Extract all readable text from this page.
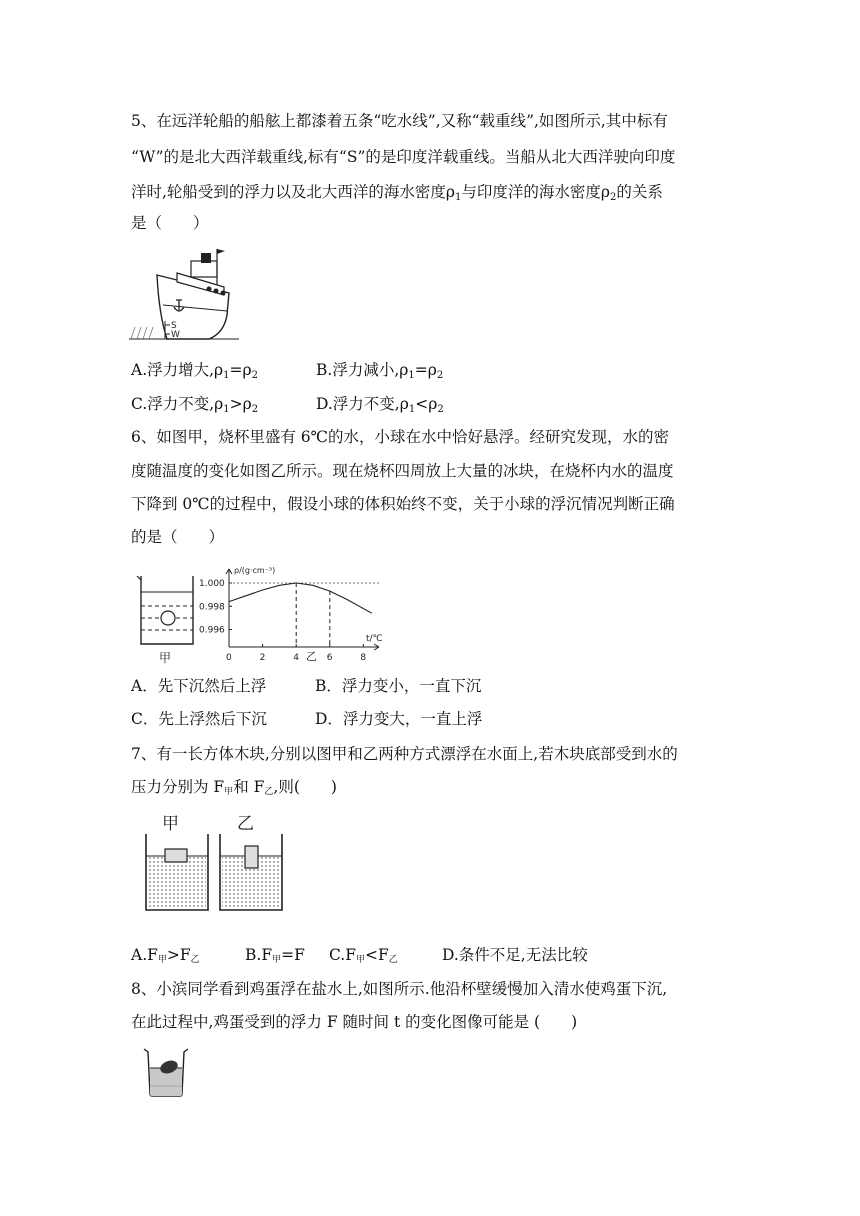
5、在远洋轮船的船舷上都漆着五条“吃水线”,又称“载重线”,如图所示,其中标有
“W”的是北大西洋载重线,标有“S”的是印度洋载重线。当船从北大西洋驶向印度
洋时,轮船受到的浮力以及北大西洋的海水密度$\rho_1$与印度洋的海水密度$\rho_2$的关系
是（　　）
S
W
A.浮力增大$,\rho_1=\rho_2$	B.浮力减小$,\rho_1=\rho_2$
C.浮力不变$,\rho_1>\rho_2$	D.浮力不变$,\rho_1<\rho_2$
6、如图甲，烧杯里盛有 6℃的水，小球在水中恰好悬浮。经研究发现，水的密
度随温度的变化如图乙所示。现在烧杯四周放上大量的冰块，在烧杯内水的温度
下降到 0℃的过程中，假设小球的体积始终不变，关于小球的浮沉情况判断正确
的是（　　）
甲
ρ/(g·cm⁻³)
t/℃
0	2	4	6	8
1.000
0.998
0.996
乙
A．先下沉然后上浮	B．浮力变小，一直下沉
C．先上浮然后下沉	D．浮力变大，一直上浮
7、有一长方体木块,分别以图甲和乙两种方式漂浮在水面上,若木块底部受到水的
压力分别为 F甲和 F乙,则(　　)
甲	乙
A.F甲>F乙	B.F甲=F C.F甲<F乙	D.条件不足,无法比较
8、小滨同学看到鸡蛋浮在盐水上,如图所示.他沿杯壁缓慢加入清水使鸡蛋下沉,
在此过程中,鸡蛋受到的浮力 F 随时间 t 的变化图像可能是 (　　)
